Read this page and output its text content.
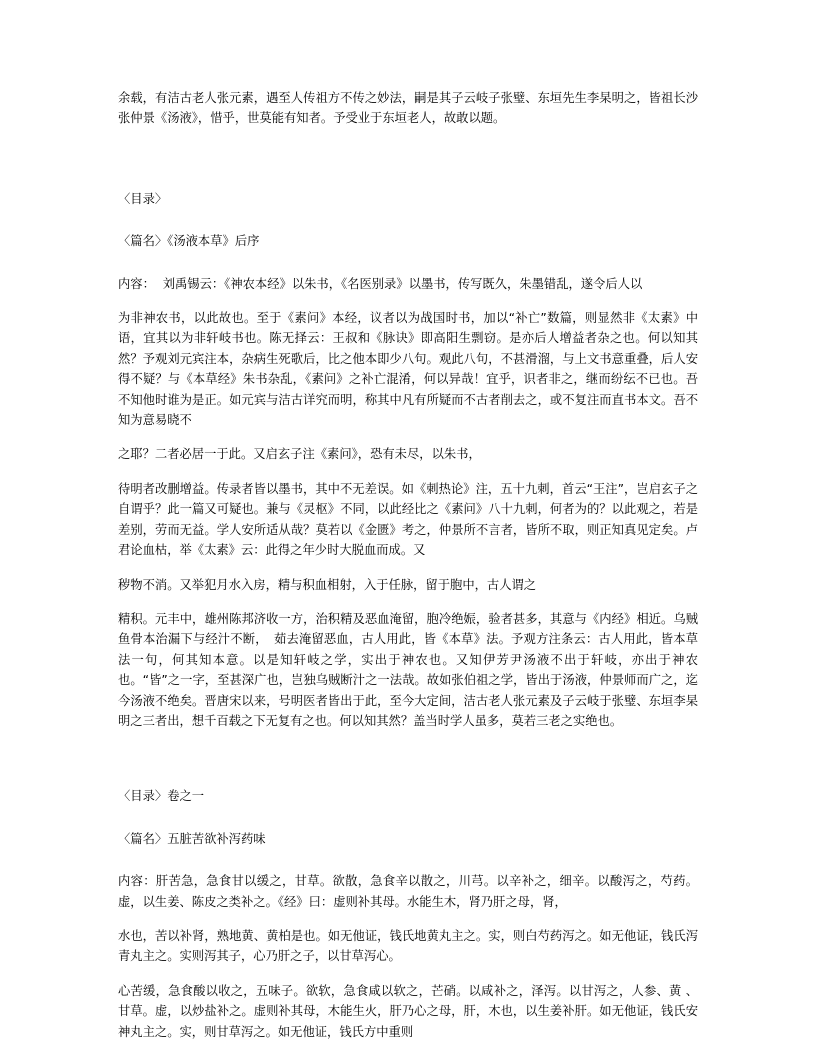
余载，有洁古老人张元素，遇至人传祖方不传之妙法，嗣是其子云岐子张璧、东垣先生李杲明之，皆祖长沙张仲景《汤液》，惜乎，世莫能有知者。予受业于东垣老人，故敢以题。

〈目录〉

〈篇名〉《汤液本草》后序

内容：  刘禹锡云：《神农本经》以朱书，《名医别录》以墨书，传写既久，朱墨错乱，遂令后人以

为非神农书，以此故也。至于《素问》本经，议者以为战国时书，加以“补亡”数篇，则显然非《太素》中语，宜其以为非轩岐书也。陈无择云：王叔和《脉诀》即高阳生剽窃。是亦后人增益者杂之也。何以知其然？予观刘元宾注本，杂病生死歌后，比之他本即少八句。观此八句，不甚滑溜，与上文书意重叠，后人安得不疑？与《本草经》朱书杂乱，《素问》之补亡混淆，何以异哉！宜乎，识者非之，继而纷纭不已也。吾不知他时谁为是正。如元宾与洁古详究而明，称其中凡有所疑而不古者削去之，或不复注而直书本文。吾不知为意易晓不

之耶？二者必居一于此。又启玄子注《素问》，恐有未尽，以朱书，

待明者改删增益。传录者皆以墨书，其中不无差误。如《刺热论》注，五十九刺，首云“王注”，岂启玄子之自谓乎？此一篇又可疑也。兼与《灵枢》不同，以此经比之《素问》八十九刺，何者为的？以此观之，若是差别，劳而无益。学人安所适从哉？莫若以《金匮》考之，仲景所不言者，皆所不取，则正知真见定矣。卢君论血枯，举《太素》云：此得之年少时大脱血而成。又

秽物不消。又举犯月水入房，精与积血相射，入于任脉，留于胞中，古人谓之

精积。元丰中，雄州陈邦济收一方，治积精及恶血淹留，胞冷绝娠，验者甚多，其意与《内经》相近。乌贼鱼骨本治漏下与经汁不断，　茹去淹留恶血，古人用此，皆《本草》法。予观方注条云：古人用此，皆本草法一句，何其知本意。以是知轩岐之学，实出于神农也。又知伊芳尹汤液不出于轩岐，亦出于神农也。“皆”之一字，至甚深广也，岂独乌贼断汁之一法哉。故如张伯祖之学，皆出于汤液，仲景师而广之，迄今汤液不绝矣。晋唐宋以来，号明医者皆出于此，至今大定间，洁古老人张元素及子云岐于张璧、东垣李杲明之三者出，想千百载之下无复有之也。何以知其然？盖当时学人虽多，莫若三老之实绝也。

〈目录〉卷之一

〈篇名〉五脏苦欲补泻药味

内容：肝苦急，急食甘以缓之，甘草。欲散，急食辛以散之，川芎。以辛补之，细辛。以酸泻之，芍药。虚，以生姜、陈皮之类补之。《经》曰：虚则补其母。水能生木，肾乃肝之母，肾，

水也，苦以补肾，熟地黄、黄柏是也。如无他证，钱氏地黄丸主之。实，则白芍药泻之。如无他证，钱氏泻青丸主之。实则泻其子，心乃肝之子，以甘草泻心。

心苦缓，急食酸以收之，五味子。欲软，急食咸以软之，芒硝。以咸补之，泽泻。以甘泻之，人参、黄 、甘草。虚，以炒盐补之。虚则补其母，木能生火，肝乃心之母，肝，木也，以生姜补肝。如无他证，钱氏安神丸主之。实，则甘草泻之。如无他证，钱氏方中重则
